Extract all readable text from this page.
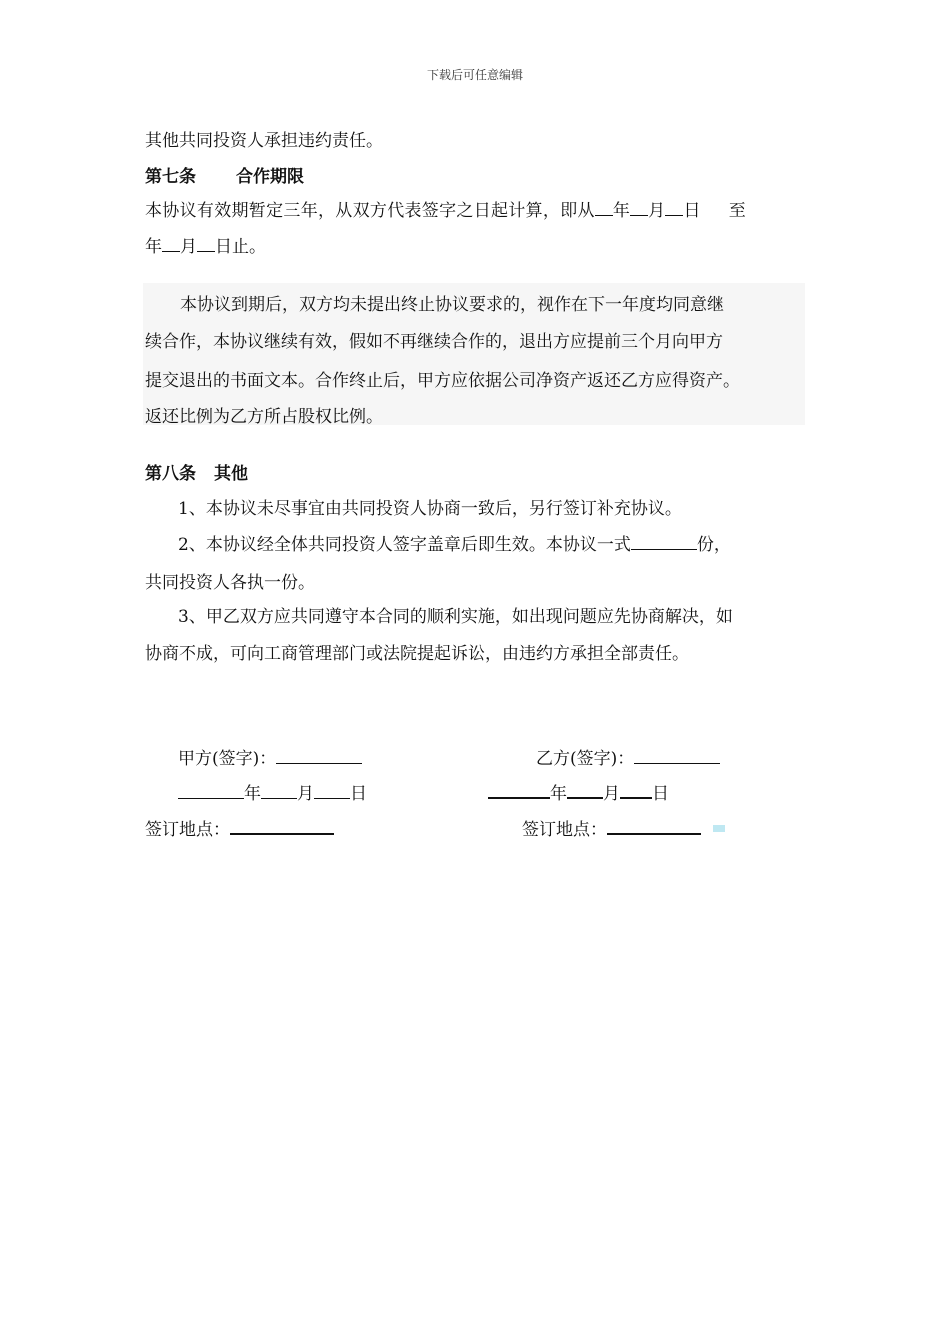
下载后可任意编辑
其他共同投资人承担违约责任。
第七条 合作期限
本协议有效期暂定三年，从双方代表签字之日起计算，即从 年 月 日 至
年 月 日止。
本协议到期后，双方均未提出终止协议要求的，视作在下一年度均同意继
续合作，本协议继续有效，假如不再继续合作的，退出方应提前三个月向甲方
提交退出的书面文本。合作终止后，甲方应依据公司净资产返还乙方应得资产。
返还比例为乙方所占股权比例。
第八条 其他
1、本协议未尽事宜由共同投资人协商一致后，另行签订补充协议。
2、本协议经全体共同投资人签字盖章后即生效。本协议一式	份，
共同投资人各执一份。
3、甲乙双方应共同遵守本合同的顺利实施，如出现问题应先协商解决，如
协商不成，可向工商管理部门或法院提起诉讼，由违约方承担全部责任。
甲方(签字)：	乙方(签字)：
年 月 日	年 月 日
签订地点：	签订地点：
